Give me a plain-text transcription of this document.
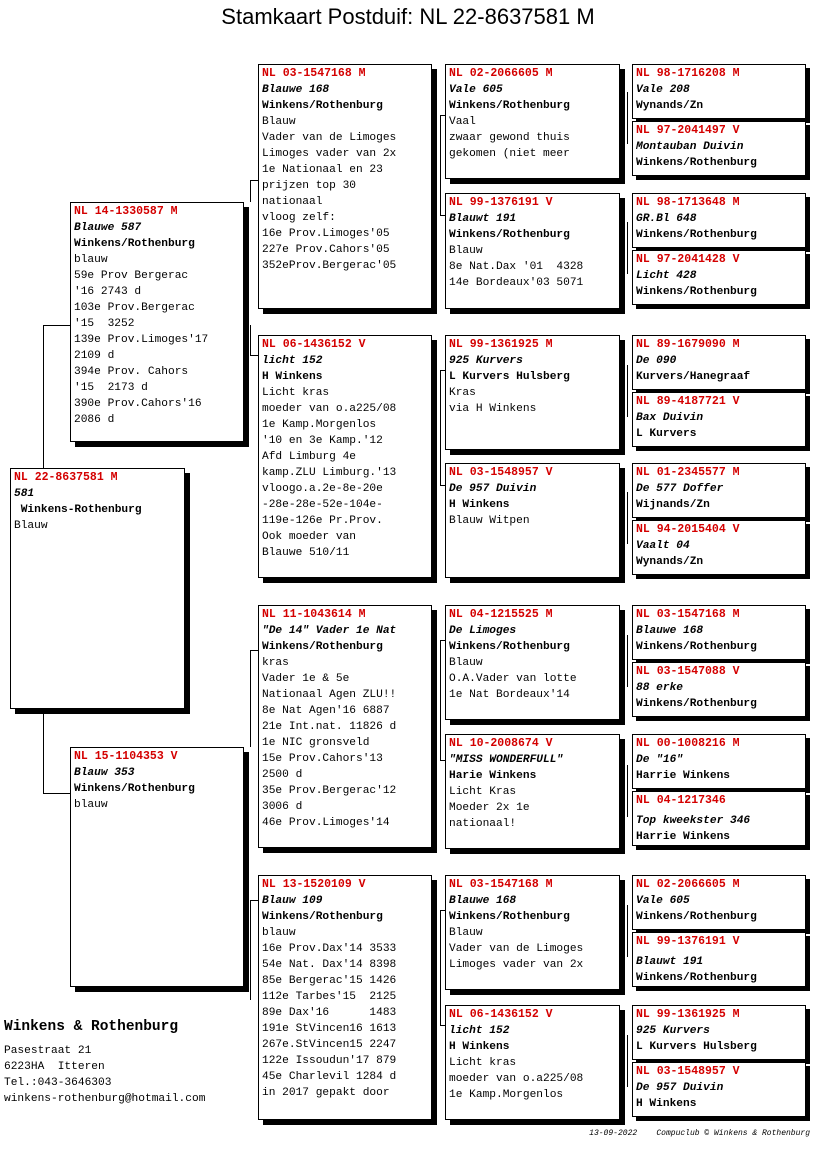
Stamkaart Postduif: NL 22-8637581 M
NL 22-8637581 M
581
Winkens-Rothenburg
Blauw
NL 14-1330587 M
Blauwe 587
Winkens/Rothenburg
blauw
59e Prov Bergerac
'16 2743 d
103e Prov.Bergerac
'15  3252
139e Prov.Limoges'17
2109 d
394e Prov. Cahors
'15  2173 d
390e Prov.Cahors'16
2086 d
NL 15-1104353 V
Blauw 353
Winkens/Rothenburg
blauw
NL 03-1547168 M
Blauwe 168
Winkens/Rothenburg
Blauw
Vader van de Limoges
Limoges vader van 2x
1e Nationaal en 23
prijzen top 30
nationaal
vloog zelf:
16e Prov.Limoges'05
227e Prov.Cahors'05
352eProv.Bergerac'05
NL 06-1436152 V
licht 152
H Winkens
Licht kras
moeder van o.a225/08
1e Kamp.Morgenlos
'10 en 3e Kamp.'12
Afd Limburg 4e
kamp.ZLU Limburg.'13
vloogo.a.2e-8e-20e
-28e-28e-52e-104e-
119e-126e Pr.Prov.
Ook moeder van
Blauwe 510/11
NL 11-1043614 M
"De 14" Vader 1e Nat
Winkens/Rothenburg
kras
Vader 1e & 5e
Nationaal Agen ZLU!!
8e Nat Agen'16 6887
21e Int.nat. 11826 d
1e NIC gronsveld
15e Prov.Cahors'13
2500 d
35e Prov.Bergerac'12
3006 d
46e Prov.Limoges'14
NL 13-1520109 V
Blauw 109
Winkens/Rothenburg
blauw
16e Prov.Dax'14 3533
54e Nat. Dax'14 8398
85e Bergerac'15 1426
112e Tarbes'15  2125
89e Dax'16      1483
191e StVincen16 1613
267e.StVincen15 2247
122e Issoudun'17 879
45e Charlevil 1284 d
in 2017 gepakt door
NL 02-2066605 M
Vale 605
Winkens/Rothenburg
Vaal
zwaar gewond thuis
gekomen (niet meer
NL 99-1376191 V
Blauwt 191
Winkens/Rothenburg
Blauw
8e Nat.Dax '01  4328
14e Bordeaux'03 5071
NL 99-1361925 M
925 Kurvers
L Kurvers Hulsberg
Kras
via H Winkens
NL 03-1548957 V
De 957 Duivin
H Winkens
Blauw Witpen
NL 04-1215525 M
De Limoges
Winkens/Rothenburg
Blauw
O.A.Vader van lotte
1e Nat Bordeaux'14
NL 10-2008674 V
"MISS WONDERFULL"
Harie Winkens
Licht Kras
Moeder 2x 1e
nationaal!
NL 03-1547168 M
Blauwe 168
Winkens/Rothenburg
Blauw
Vader van de Limoges
Limoges vader van 2x
NL 06-1436152 V
licht 152
H Winkens
Licht kras
moeder van o.a225/08
1e Kamp.Morgenlos
NL 98-1716208 M
Vale 208
Wynands/Zn
NL 97-2041497 V
Montauban Duivin
Winkens/Rothenburg
NL 98-1713648 M
GR.Bl 648
Winkens/Rothenburg
NL 97-2041428 V
Licht 428
Winkens/Rothenburg
NL 89-1679090 M
De 090
Kurvers/Hanegraaf
NL 89-4187721 V
Bax Duivin
L Kurvers
NL 01-2345577 M
De 577 Doffer
Wijnands/Zn
NL 94-2015404 V
Vaalt 04
Wynands/Zn
NL 03-1547168 M
Blauwe 168
Winkens/Rothenburg
NL 03-1547088 V
88 erke
Winkens/Rothenburg
NL 00-1008216 M
De "16"
Harrie Winkens
NL 04-1217346
Top kweekster 346
Harrie Winkens
NL 02-2066605 M
Vale 605
Winkens/Rothenburg
NL 99-1376191 V
Blauwt 191
Winkens/Rothenburg
NL 99-1361925 M
925 Kurvers
L Kurvers Hulsberg
NL 03-1548957 V
De 957 Duivin
H Winkens
Winkens & Rothenburg
Pasestraat 21
6223HA  Itteren
Tel.:043-3646303
winkens-rothenburg@hotmail.com
13-09-2022 Compuclub © Winkens & Rothenburg
